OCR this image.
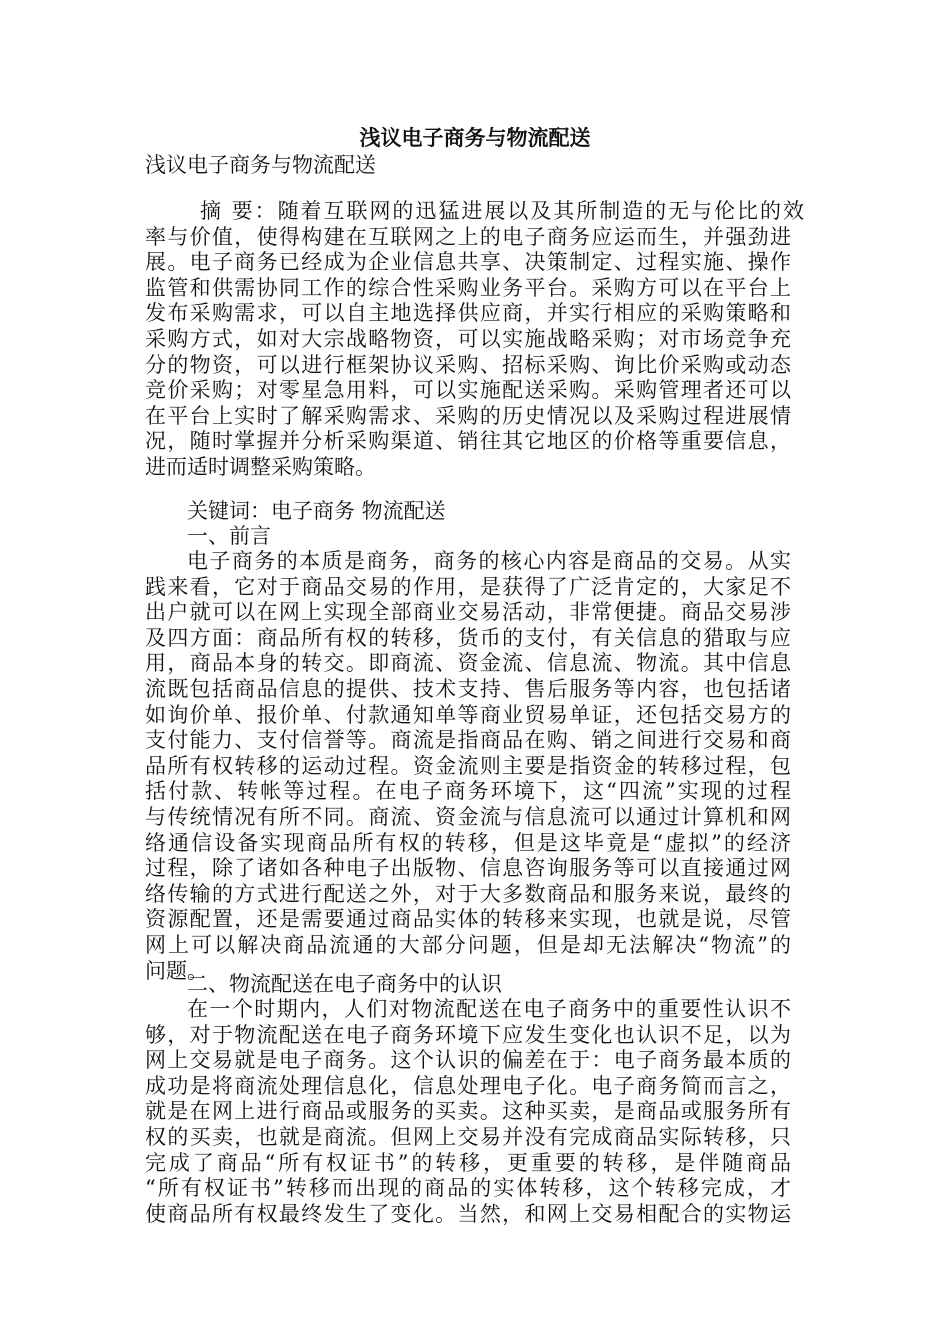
浅议电子商务与物流配送
浅议电子商务与物流配送
摘 要：随着互联网的迅猛进展以及其所制造的无与伦比的效
率与价值，使得构建在互联网之上的电子商务应运而生，并强劲进
展。电子商务已经成为企业信息共享、决策制定、过程实施、操作
监管和供需协同工作的综合性采购业务平台。采购方可以在平台上
发布采购需求，可以自主地选择供应商，并实行相应的采购策略和
采购方式，如对大宗战略物资，可以实施战略采购；对市场竞争充
分的物资，可以进行框架协议采购、招标采购、询比价采购或动态
竞价采购；对零星急用料，可以实施配送采购。采购管理者还可以
在平台上实时了解采购需求、采购的历史情况以及采购过程进展情
况，随时掌握并分析采购渠道、销往其它地区的价格等重要信息，
进而适时调整采购策略。
关键词：电子商务 物流配送
一、前言
电子商务的本质是商务，商务的核心内容是商品的交易。从实
践来看，它对于商品交易的作用，是获得了广泛肯定的，大家足不
出户就可以在网上实现全部商业交易活动，非常便捷。商品交易涉
及四方面：商品所有权的转移，货币的支付，有关信息的猎取与应
用，商品本身的转交。即商流、资金流、信息流、物流。其中信息
流既包括商品信息的提供、技术支持、售后服务等内容，也包括诸
如询价单、报价单、付款通知单等商业贸易单证，还包括交易方的
支付能力、支付信誉等。商流是指商品在购、销之间进行交易和商
品所有权转移的运动过程。资金流则主要是指资金的转移过程，包
括付款、转帐等过程。在电子商务环境下，这“四流”实现的过程
与传统情况有所不同。商流、资金流与信息流可以通过计算机和网
络通信设备实现商品所有权的转移，但是这毕竟是“虚拟”的经济
过程，除了诸如各种电子出版物、信息咨询服务等可以直接通过网
络传输的方式进行配送之外，对于大多数商品和服务来说，最终的
资源配置，还是需要通过商品实体的转移来实现，也就是说，尽管
网上可以解决商品流通的大部分问题，但是却无法解决“物流”的
问题。
二、物流配送在电子商务中的认识
在一个时期内，人们对物流配送在电子商务中的重要性认识不
够，对于物流配送在电子商务环境下应发生变化也认识不足，以为
网上交易就是电子商务。这个认识的偏差在于：电子商务最本质的
成功是将商流处理信息化，信息处理电子化。电子商务简而言之，
就是在网上进行商品或服务的买卖。这种买卖，是商品或服务所有
权的买卖，也就是商流。但网上交易并没有完成商品实际转移，只
完成了商品“所有权证书”的转移，更重要的转移，是伴随商品
“所有权证书”转移而出现的商品的实体转移，这个转移完成，才
使商品所有权最终发生了变化。当然，和网上交易相配合的实物运
